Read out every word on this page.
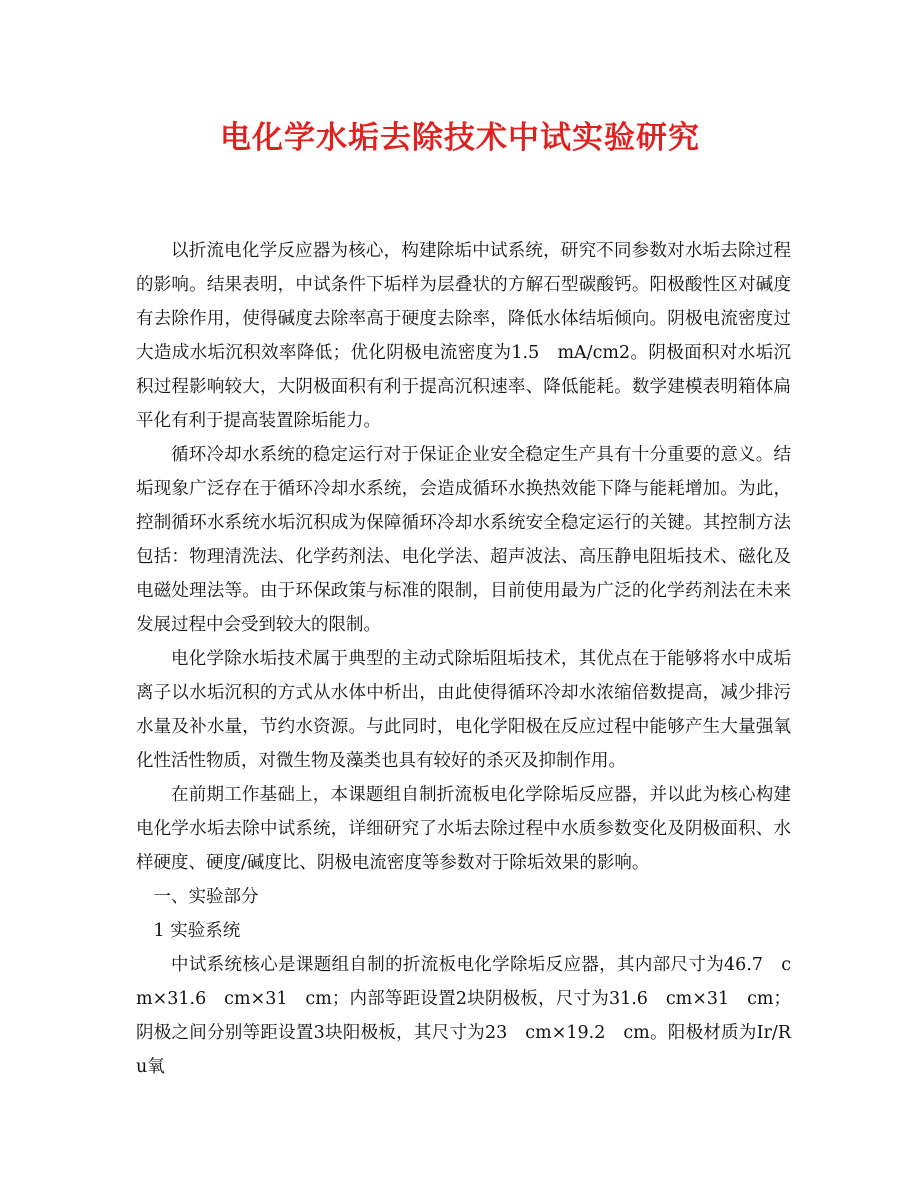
电化学水垢去除技术中试实验研究

以折流电化学反应器为核心，构建除垢中试系统，研究不同参数对水垢去除过程的影响。结果表明，中试条件下垢样为层叠状的方解石型碳酸钙。阳极酸性区对碱度有去除作用，使得碱度去除率高于硬度去除率，降低水体结垢倾向。阴极电流密度过大造成水垢沉积效率降低；优化阴极电流密度为1.5　mA/cm2。阴极面积对水垢沉积过程影响较大，大阴极面积有利于提高沉积速率、降低能耗。数学建模表明箱体扁平化有利于提高装置除垢能力。

循环冷却水系统的稳定运行对于保证企业安全稳定生产具有十分重要的意义。结垢现象广泛存在于循环冷却水系统，会造成循环水换热效能下降与能耗增加。为此，控制循环水系统水垢沉积成为保障循环冷却水系统安全稳定运行的关键。其控制方法包括：物理清洗法、化学药剂法、电化学法、超声波法、高压静电阻垢技术、磁化及电磁处理法等。由于环保政策与标准的限制，目前使用最为广泛的化学药剂法在未来发展过程中会受到较大的限制。

电化学除水垢技术属于典型的主动式除垢阻垢技术，其优点在于能够将水中成垢离子以水垢沉积的方式从水体中析出，由此使得循环冷却水浓缩倍数提高，减少排污水量及补水量，节约水资源。与此同时，电化学阳极在反应过程中能够产生大量强氧化性活性物质，对微生物及藻类也具有较好的杀灭及抑制作用。

在前期工作基础上，本课题组自制折流板电化学除垢反应器，并以此为核心构建电化学水垢去除中试系统，详细研究了水垢去除过程中水质参数变化及阴极面积、水样硬度、硬度/碱度比、阴极电流密度等参数对于除垢效果的影响。

一、实验部分

1 实验系统

中试系统核心是课题组自制的折流板电化学除垢反应器，其内部尺寸为46.7　cm×31.6　cm×31　cm；内部等距设置2块阴极板，尺寸为31.6　cm×31　cm；阴极之间分别等距设置3块阳极板，其尺寸为23　cm×19.2　cm。阳极材质为Ir/Ru氧
